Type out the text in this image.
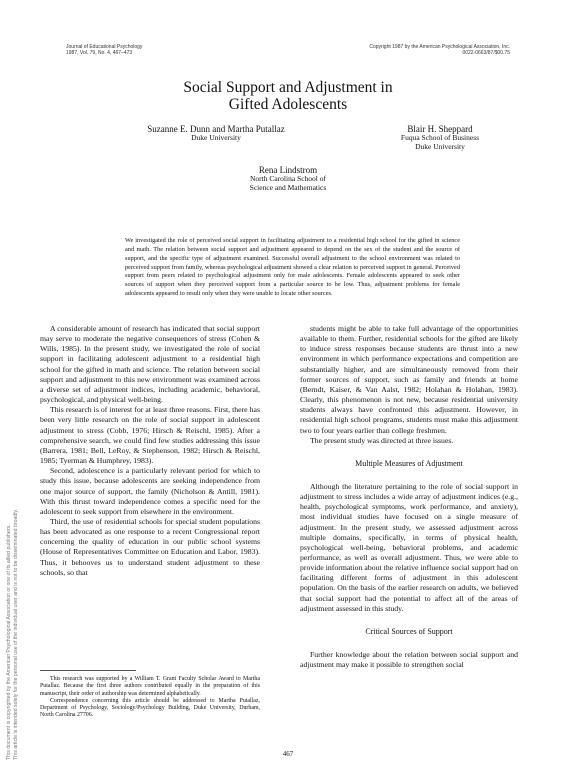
Journal of Educational Psychology
1987, Vol. 79, No. 4, 467–473
Copyright 1987 by the American Psychological Association, Inc.
0022-0663/87/$00.75
Social Support and Adjustment in
Gifted Adolescents
Suzanne E. Dunn and Martha Putallaz
Duke University
Blair H. Sheppard
Fuqua School of Business
Duke University
Rena Lindstrom
North Carolina School of
Science and Mathematics
We investigated the role of perceived social support in facilitating adjustment to a residential high school for the gifted in science and math. The relation between social support and adjustment appeared to depend on the sex of the student and the source of support, and the specific type of adjustment examined. Successful overall adjustment to the school environment was related to perceived support from family, whereas psychological adjustment showed a clear relation to perceived support in general. Perceived support from peers related to psychological adjustment only for male adolescents. Female adolescents appeared to seek other sources of support when they perceived support from a particular source to be low. Thus, adjustment problems for female adolescents appeared to result only when they were unable to locate other sources.

A considerable amount of research has indicated that social support may serve to moderate the negative consequences of stress (Cohen & Wills, 1985). In the present study, we investigated the role of social support in facilitating adolescent adjustment to a residential high school for the gifted in math and science. The relation between social support and adjustment to this new environment was examined across a diverse set of adjustment indices, including academic, behavioral, psychological, and physical well-being.

This research is of interest for at least three reasons. First, there has been very little research on the role of social support in adolescent adjustment to stress (Cobb, 1976; Hirsch & Reischl, 1985). After a comprehensive search, we could find few studies addressing this issue (Barrera, 1981; Bell, LeRoy, & Stephenson, 1982; Hirsch & Reischl, 1985; Tyerman & Humphrey, 1983).

Second, adolescence is a particularly relevant period for which to study this issue, because adolescents are seeking independence from one major source of support, the family (Nicholson & Antill, 1981). With this thrust toward independence comes a specific need for the adolescent to seek support from elsewhere in the environment.

Third, the use of residential schools for special student populations has been advocated as one response to a recent Congressional report concerning the quality of education in our public school systems (House of Representatives Committee on Education and Labor, 1983). Thus, it behooves us to understand student adjustment to these schools, so that

This research was supported by a William T. Grant Faculty Scholar Award to Martha Putallaz. Because the first three authors contributed equally in the preparation of this manuscript, their order of authorship was determined alphabetically.

Correspondence concerning this article should be addressed to Martha Putallaz, Department of Psychology, Sociology/Psychology Building, Duke University, Durham, North Carolina 27706.

students might be able to take full advantage of the opportunities available to them. Further, residential schools for the gifted are likely to induce stress responses because students are thrust into a new environment in which performance expectations and competition are substantially higher, and are simultaneously removed from their former sources of support, such as family and friends at home (Berndt, Kaiser, & Van Aalst, 1982; Holahan & Holahan, 1983). Clearly, this phenomenon is not new, because residential university students always have confronted this adjustment. However, in residential high school programs, students must make this adjustment two to four years earlier than college freshmen.

The present study was directed at three issues.

Multiple Measures of Adjustment

Although the literature pertaining to the role of social support in adjustment to stress includes a wide array of adjustment indices (e.g., health, psychological symptoms, work performance, and anxiety), most individual studies have focused on a single measure of adjustment. In the present study, we assessed adjustment across multiple domains, specifically, in terms of physical health, psychological well-being, behavioral problems, and academic performance, as well as overall adjustment. Thus, we were able to provide information about the relative influence social support had on facilitating different forms of adjustment in this adolescent population. On the basis of the earlier research on adults, we believed that social support had the potential to affect all of the areas of adjustment assessed in this study.

Critical Sources of Support

Further knowledge about the relation between social support and adjustment may make it possible to strengthen social

This document is copyrighted by the American Psychological Association or one of its allied publishers. This article is intended solely for the personal use of the individual user and is not to be disseminated broadly.	467
